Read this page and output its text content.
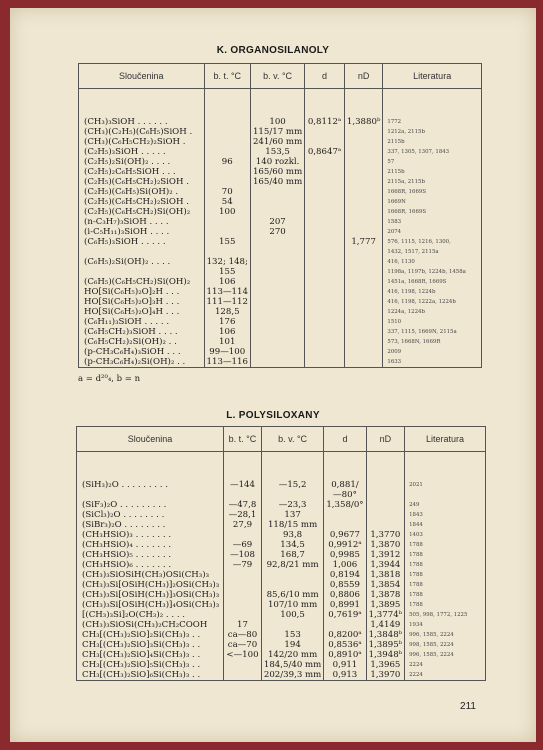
K. ORGANOSILANOLY
Sloučenina	b. t. °C	b. v. °C	d	nD	Literatura
(CH₃)₃SiOH . . . . . .		100	0,8112ᵃ	1,3880ᵇ	1772
(CH₃)(C₂H₅)(C₆H₅)SiOH .		115/17 mm			1212a, 2115b
(CH₃)(C₆H₅CH₂)₂SiOH .		241/60 mm			2115b
(C₂H₅)₃SiOH . . . . .		153,5	0,8647ᵃ		337, 1305, 1307, 1843
(C₂H₅)₂Si(OH)₂ . . . .	96	140 rozkl.			57
(C₂H₅)₂C₆H₅SiOH . . .		165/60 mm			2115b
(C₂H₅)(C₆H₅CH₂)₂SiOH .		165/40 mm			2115a, 2115b
(C₂H₅)(C₆H₅)Si(OH)₂ .	70				1668R, 1669S
(C₂H₅)(C₆H₅CH₂)₂SiOH .	54				1669N
(C₂H₅)(C₆H₅CH₂)Si(OH)₂	100				1668R, 1669S
(n-C₃H₇)₃SiOH . . . .		207			1583
(i-C₅H₁₁)₃SiOH . . . .		270			2074
(C₆H₅)₃SiOH . . . . .	155			1,777	576, 1115, 1216, 1300,
					1432, 1517, 2115a
(C₆H₅)₂Si(OH)₂ . . . .	132; 148;				416, 1130
	155				1198a, 1197b, 1224b, 1458a

(C₆H₅)(C₆H₅CH₂)Si(OH)₂	106				1451a, 1668R, 1669S
HO[Si(C₆H₅)₂O]₂H . . .	113—114				416, 1198, 1224b
HO[Si(C₆H₅)₂O]₃H . . .	111—112				416, 1198, 1222a, 1224b
HO[Si(C₆H₅)₂O]₄H . . .	128,5				1224a, 1224b
(C₆H₁₁)₃SiOH . . . . .	176				1510
(C₆H₅CH₂)₃SiOH . . . .	106				337, 1115, 1669N, 2115a
(C₆H₅CH₂)₂Si(OH)₂ . .	101				573, 1668N, 1669R
(p-CH₃C₆H₄)₃SiOH . . .	99—100				2009
(p-CH₃C₆H₄)₂Si(OH)₂ . .	113—116				1633
a = d²⁰₄, b = n
L. POLYSILOXANY
Sloučenina	b. t. °C	b. v. °C	d	nD	Literatura
(SiH₃)₂O . . . . . . . . .	—144	—15,2	0,881/		2021
			—80°		
(SiF₃)₂O . . . . . . . . .	—47,8	—23,3	1,358/0°		249

(SiCl₃)₂O . . . . . . . .	—28,1	137			1843
(SiBr₃)₂O . . . . . . . .	27,9	118/15 mm			1844
(CH₃HSiO)₃ . . . . . . .		93,8	0,9677	1,3770	1403
(CH₃HSiO)₄ . . . . . . .	—69	134,5	0,9912ᵃ	1,3870	1788
(CH₃HSiO)₅ . . . . . . .	—108	168,7	0,9985	1,3912	1788
(CH₃HSiO)₆ . . . . . . .	—79	92,8/21 mm	1,006	1,3944	1788
(CH₃)₃SiOSiH(CH₃)OSi(CH₃)₃			0,8194	1,3818	1788
(CH₃)₃Si[OSiH(CH₃)]₂OSi(CH₃)₃			0,8559	1,3854	1788
(CH₃)₃Si[OSiH(CH₃)]₃OSi(CH₃)₃		85,6/10 mm	0,8806	1,3878	1788
(CH₃)₃Si[OSiH(CH₃)]₄OSi(CH₃)₃		107/10 mm	0,8991	1,3895	1788
[(CH₃)₃Si]₂O(CH₃)₂ . . . .		100,5	0,7619ᵃ	1,3774ᵇ	505, 998, 1772, 1225
(CH₃)₃SiOSi(CH₃)₂CH₂COOH	17			1,4149	1934
CH₃[(CH₃)₂SiO]₂Si(CH₃)₃ . .	ca—80	153	0,8200ᵃ	1,3848ᵇ	996, 1585, 2224
CH₃[(CH₃)₂SiO]₃Si(CH₃)₃ . .	ca—70	194	0,8536ᵃ	1,3895ᵇ	998, 1585, 2224
CH₃[(CH₃)₂SiO]₄Si(CH₃)₃ . .	<—100	142/20 mm	0,8910ᵃ	1,3948ᵇ	996, 1585, 2224
CH₃[(CH₃)₂SiO]₅Si(CH₃)₃ . .		184,5/40 mm	0,911	1,3965	2224
CH₃[(CH₃)₂SiO]₆Si(CH₃)₃ . .		202/39,3 mm	0,913	1,3970	2224
211
